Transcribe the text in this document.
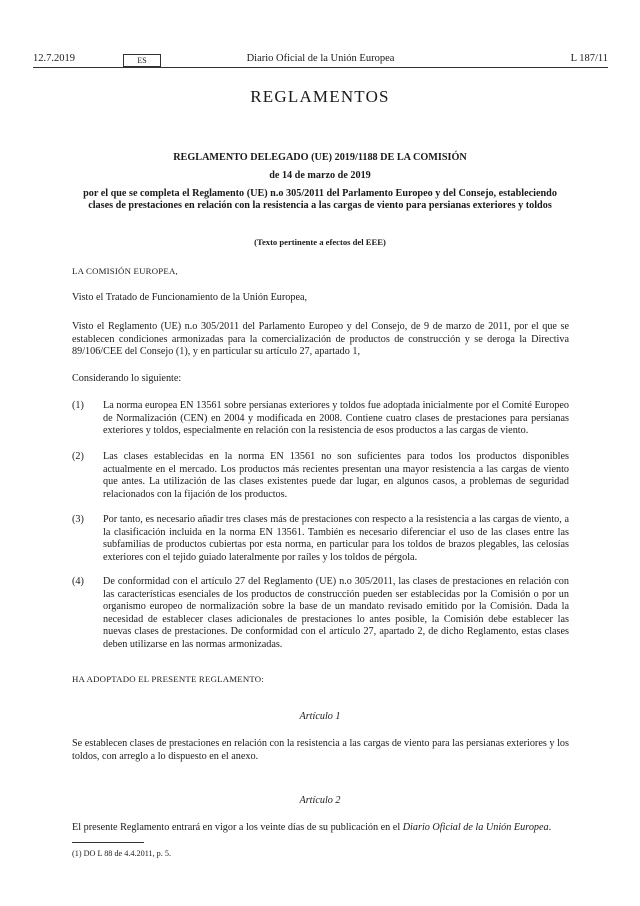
12.7.2019	ES	Diario Oficial de la Unión Europea	L 187/11
REGLAMENTOS
REGLAMENTO DELEGADO (UE) 2019/1188 DE LA COMISIÓN
de 14 de marzo de 2019
por el que se completa el Reglamento (UE) n.o 305/2011 del Parlamento Europeo y del Consejo, estableciendo clases de prestaciones en relación con la resistencia a las cargas de viento para persianas exteriores y toldos
(Texto pertinente a efectos del EEE)
LA COMISIÓN EUROPEA,
Visto el Tratado de Funcionamiento de la Unión Europea,
Visto el Reglamento (UE) n.o 305/2011 del Parlamento Europeo y del Consejo, de 9 de marzo de 2011, por el que se establecen condiciones armonizadas para la comercialización de productos de construcción y se deroga la Directiva 89/106/CEE del Consejo (1), y en particular su artículo 27, apartado 1,
Considerando lo siguiente:
(1) La norma europea EN 13561 sobre persianas exteriores y toldos fue adoptada inicialmente por el Comité Europeo de Normalización (CEN) en 2004 y modificada en 2008. Contiene cuatro clases de prestaciones para persianas exteriores y toldos, especialmente en relación con la resistencia de esos productos a las cargas de viento.
(2) Las clases establecidas en la norma EN 13561 no son suficientes para todos los productos disponibles actualmente en el mercado. Los productos más recientes presentan una mayor resistencia a las cargas de viento que antes. La utilización de las clases existentes puede dar lugar, en algunos casos, a problemas de seguridad relacionados con la fijación de los productos.
(3) Por tanto, es necesario añadir tres clases más de prestaciones con respecto a la resistencia a las cargas de viento, a la clasificación incluida en la norma EN 13561. También es necesario diferenciar el uso de las clases entre las subfamilias de productos cubiertas por esta norma, en particular para los toldos de brazos plegables, las celosías exteriores con el tejido guiado lateralmente por raíles y los toldos de pérgola.
(4) De conformidad con el artículo 27 del Reglamento (UE) n.o 305/2011, las clases de prestaciones en relación con las características esenciales de los productos de construcción pueden ser establecidas por la Comisión o por un organismo europeo de normalización sobre la base de un mandato revisado emitido por la Comisión. Dada la necesidad de establecer clases adicionales de prestaciones lo antes posible, la Comisión debe establecer las nuevas clases de prestaciones. De conformidad con el artículo 27, apartado 2, de dicho Reglamento, estas clases deben utilizarse en las normas armonizadas.
HA ADOPTADO EL PRESENTE REGLAMENTO:
Artículo 1
Se establecen clases de prestaciones en relación con la resistencia a las cargas de viento para las persianas exteriores y los toldos, con arreglo a lo dispuesto en el anexo.
Artículo 2
El presente Reglamento entrará en vigor a los veinte días de su publicación en el Diario Oficial de la Unión Europea.
(1) DO L 88 de 4.4.2011, p. 5.
